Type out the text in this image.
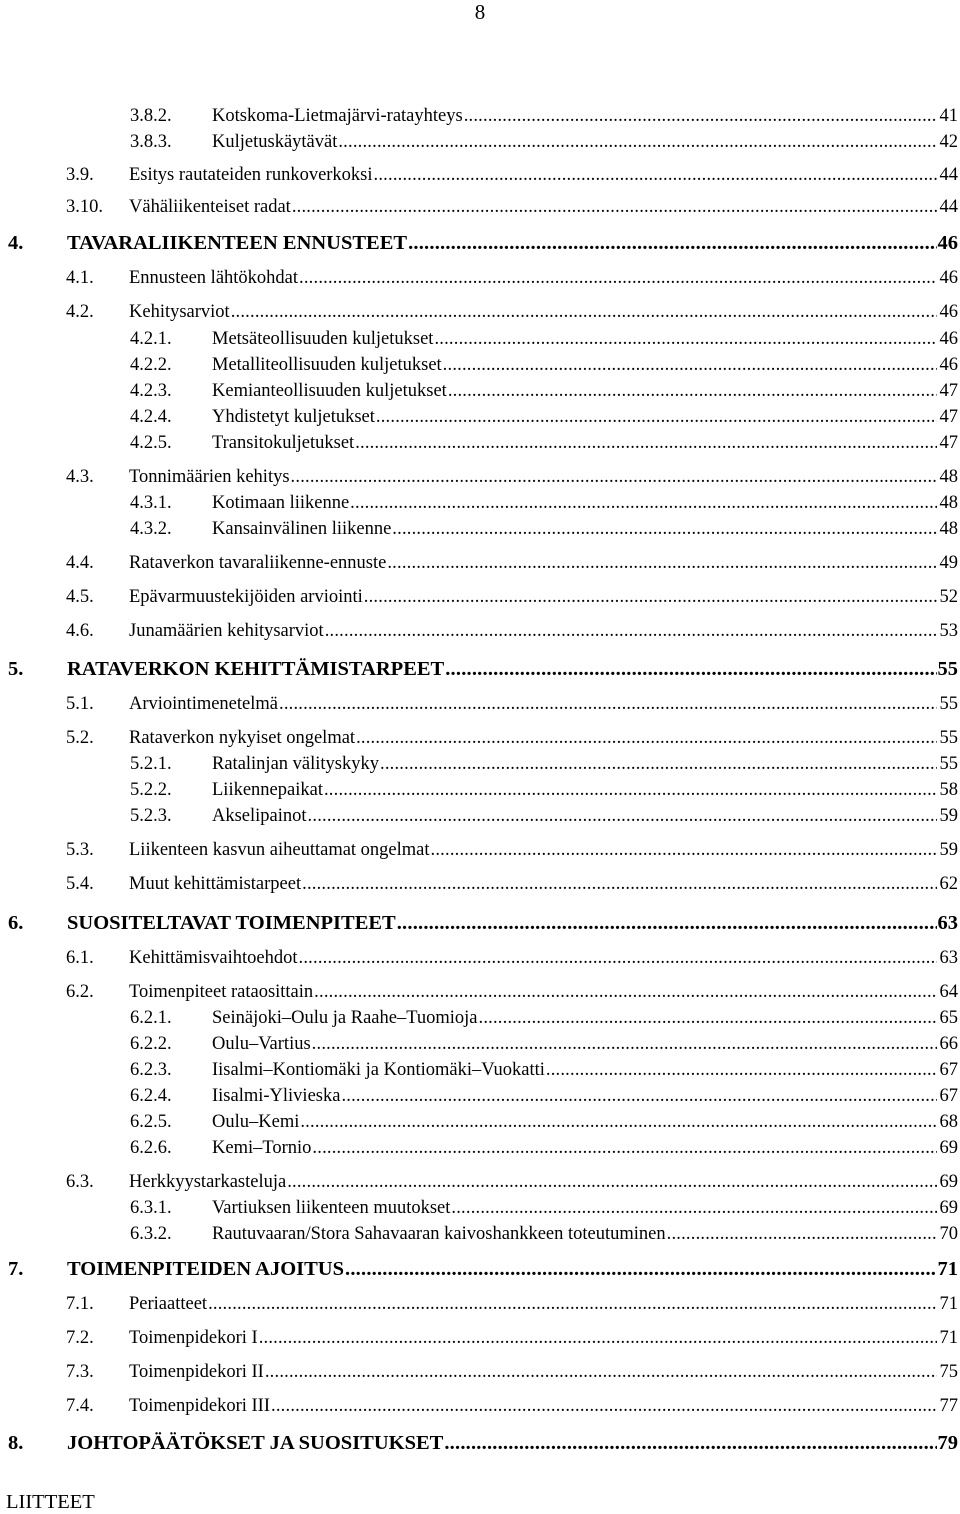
8
3.8.2.	Kotskoma-Lietmajärvi-ratayhteys .....	41
3.8.3.	Kuljetuskäytävät .....	42
3.9.	Esitys rautateiden runkoverkoksi .....	44
3.10.	Vähäliikenteiset radat .....	44
4.	TAVARALIIKENTEEN ENNUSTEET .....	46
4.1.	Ennusteen lähtökohdat .....	46
4.2.	Kehitysarviot .....	46
4.2.1.	Metsäteollisuuden kuljetukset .....	46
4.2.2.	Metalliteollisuuden kuljetukset .....	46
4.2.3.	Kemianteollisuuden kuljetukset .....	47
4.2.4.	Yhdistetyt kuljetukset .....	47
4.2.5.	Transitokuljetukset .....	47
4.3.	Tonnimäärien kehitys .....	48
4.3.1.	Kotimaan liikenne .....	48
4.3.2.	Kansainvälinen liikenne .....	48
4.4.	Rataverkon tavaraliikenne-ennuste .....	49
4.5.	Epävarmuustekijöiden arviointi .....	52
4.6.	Junamäärien kehitysarviot .....	53
5.	RATAVERKON KEHITTÄMISTARPEET .....	55
5.1.	Arviointimenetelmä .....	55
5.2.	Rataverkon nykyiset ongelmat .....	55
5.2.1.	Ratalinjan välityskyky .....	55
5.2.2.	Liikennepaikat .....	58
5.2.3.	Akselipainot .....	59
5.3.	Liikenteen kasvun aiheuttamat ongelmat .....	59
5.4.	Muut kehittämistarpeet .....	62
6.	SUOSITELTAVAT TOIMENPITEET .....	63
6.1.	Kehittämisvaihtoehdot .....	63
6.2.	Toimenpiteet rataosittain .....	64
6.2.1.	Seinäjoki–Oulu ja Raahe–Tuomioja .....	65
6.2.2.	Oulu–Vartius .....	66
6.2.3.	Iisalmi–Kontiomäki ja Kontiomäki–Vuokatti .....	67
6.2.4.	Iisalmi-Ylivieska .....	67
6.2.5.	Oulu–Kemi .....	68
6.2.6.	Kemi–Tornio .....	69
6.3.	Herkkyystarkasteluja .....	69
6.3.1.	Vartiuksen liikenteen muutokset .....	69
6.3.2.	Rautuvaaran/Stora Sahavaaran kaivoshankkeen toteutuminen .....	70
7.	TOIMENPITEIDEN AJOITUS .....	71
7.1.	Periaatteet .....	71
7.2.	Toimenpidekori I .....	71
7.3.	Toimenpidekori II .....	75
7.4.	Toimenpidekori III .....	77
8.	JOHTOPÄÄTÖKSET JA SUOSITUKSET .....	79
LIITTEET
